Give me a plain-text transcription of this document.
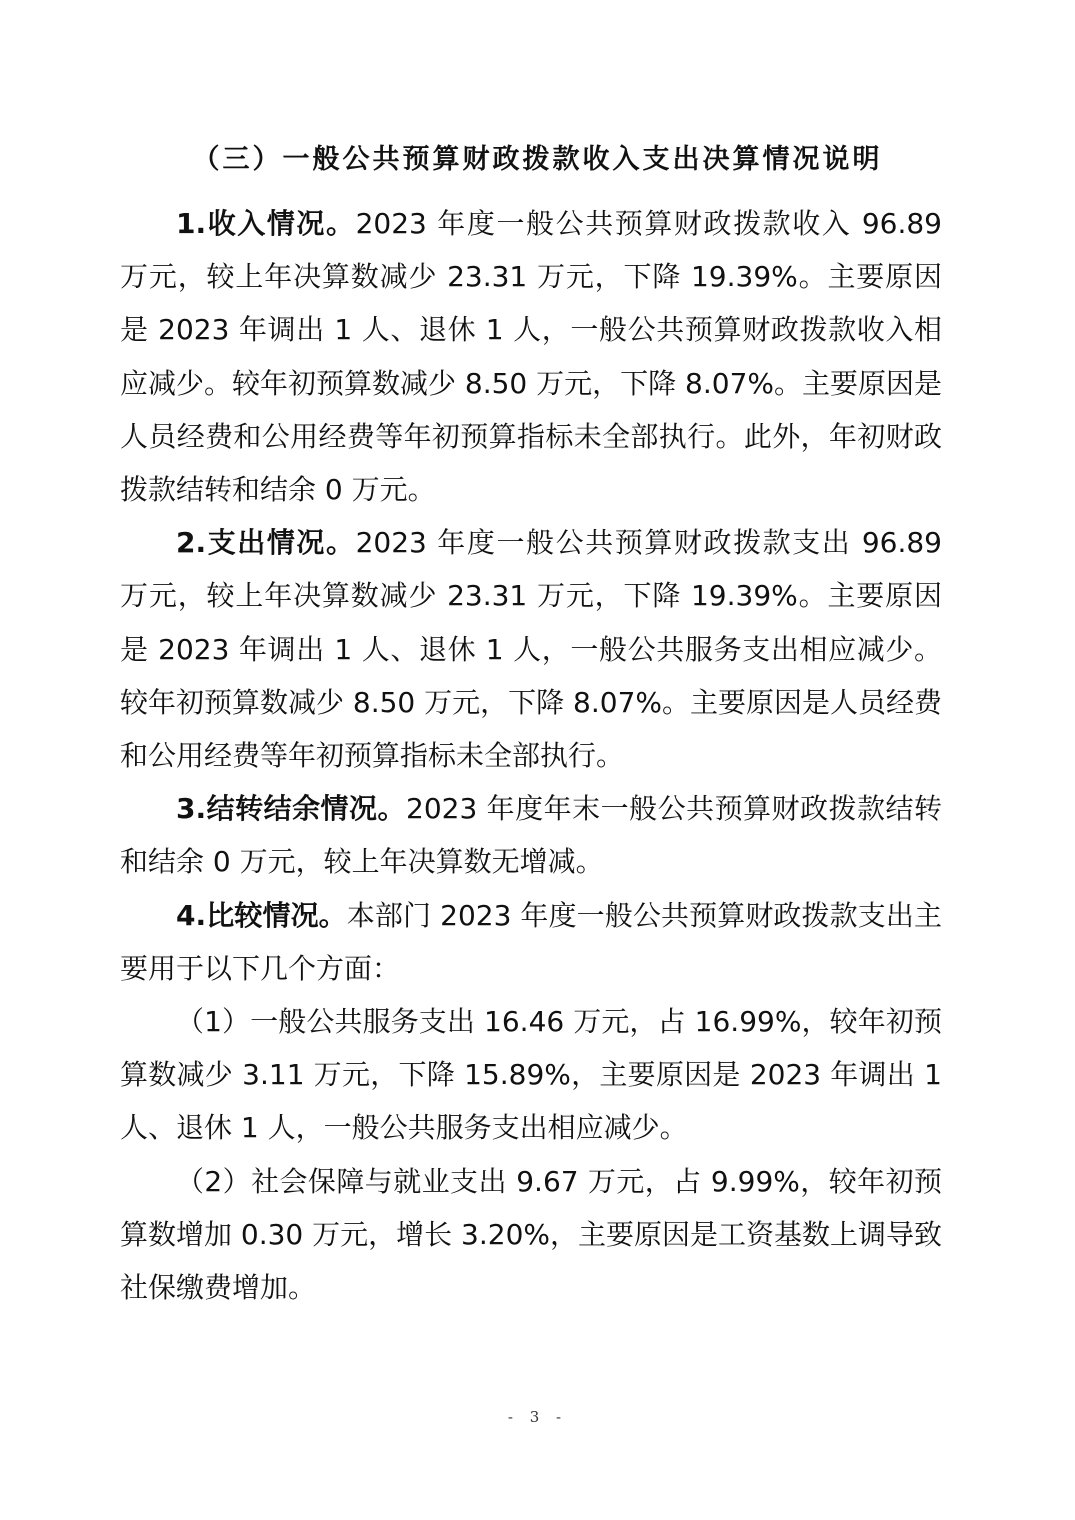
（三）一般公共预算财政拨款收入支出决算情况说明

1.收入情况。2023 年度一般公共预算财政拨款收入 96.89 万元，较上年决算数减少 23.31 万元，下降 19.39%。主要原因是 2023 年调出 1 人、退休 1 人，一般公共预算财政拨款收入相应减少。较年初预算数减少 8.50 万元，下降 8.07%。主要原因是人员经费和公用经费等年初预算指标未全部执行。此外，年初财政拨款结转和结余 0 万元。

2.支出情况。2023 年度一般公共预算财政拨款支出 96.89 万元，较上年决算数减少 23.31 万元，下降 19.39%。主要原因是 2023 年调出 1 人、退休 1 人，一般公共服务支出相应减少。较年初预算数减少 8.50 万元，下降 8.07%。主要原因是人员经费和公用经费等年初预算指标未全部执行。

3.结转结余情况。2023 年度年末一般公共预算财政拨款结转和结余 0 万元，较上年决算数无增减。

4.比较情况。本部门 2023 年度一般公共预算财政拨款支出主要用于以下几个方面：

（1）一般公共服务支出 16.46 万元，占 16.99%，较年初预算数减少 3.11 万元，下降 15.89%，主要原因是 2023 年调出 1 人、退休 1 人，一般公共服务支出相应减少。

（2）社会保障与就业支出 9.67 万元，占 9.99%，较年初预算数增加 0.30 万元，增长 3.20%，主要原因是工资基数上调导致社保缴费增加。

- 3 -
